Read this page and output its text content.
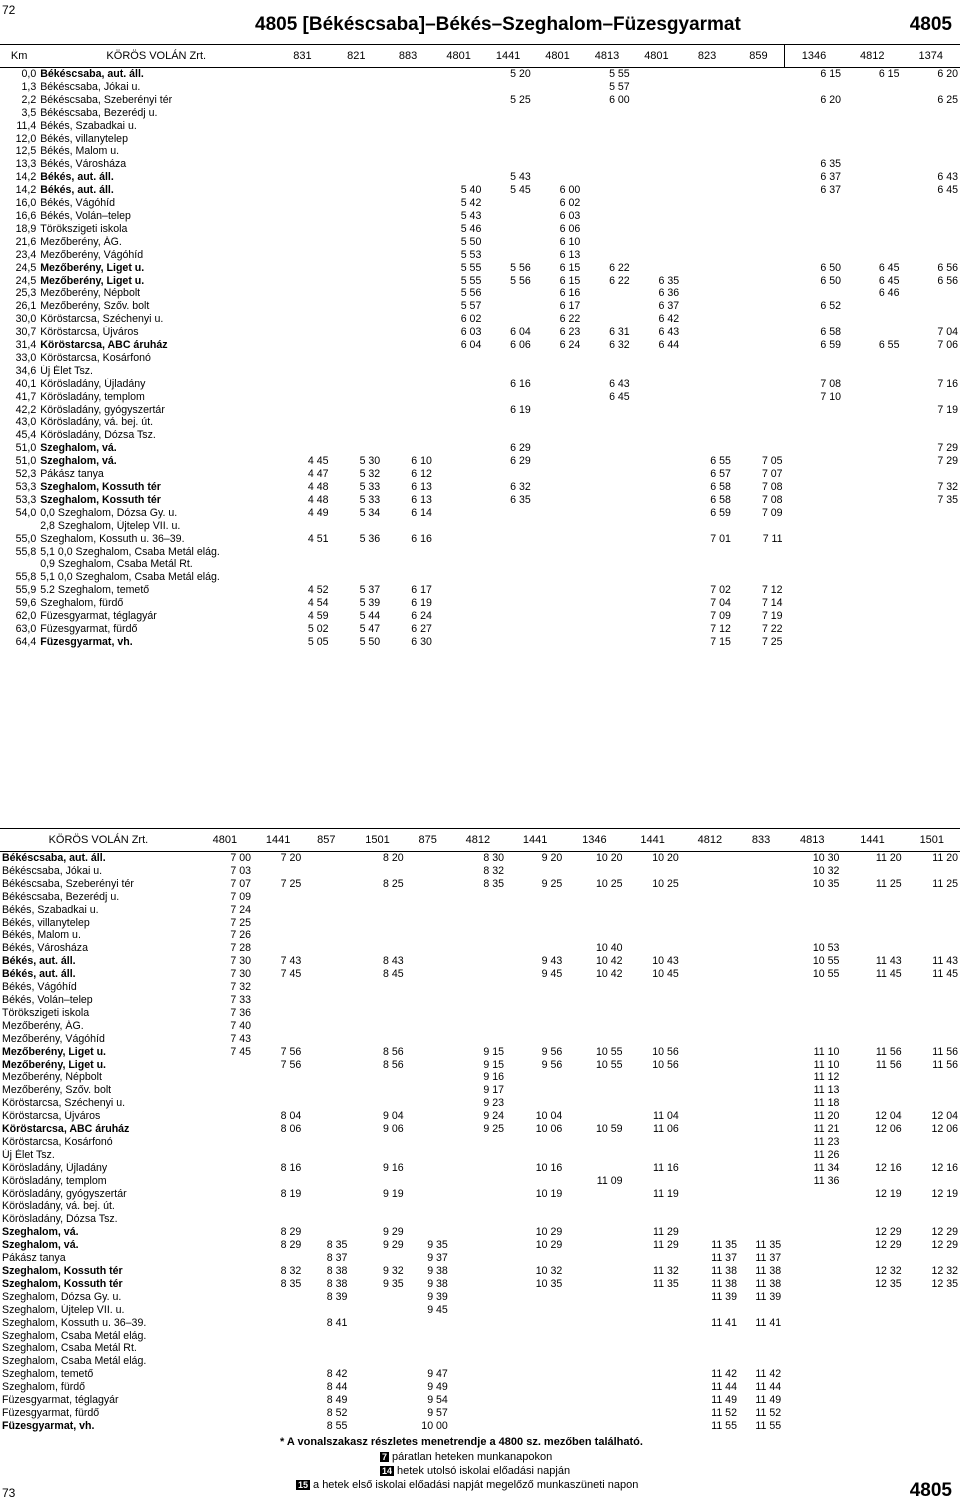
72
4805 [Békéscsaba]–Békés–Szeghalom–Füzesgyarmat	4805
Km	KÖRÖS VOLÁN Zrt.	831	821	883	4801	1441	4801	4813	4801	823	859	1346	4812	1374
0,0	Békéscsaba, aut. áll.					5 20		5 55				6 15	6 15	6 20
1,3	Békéscsaba, Jókai u.							5 57						
2,2	Békéscsaba, Szeberényi tér					5 25		6 00				6 20		6 25
3,5	Békéscsaba, Bezerédj u.													
11,4	Békés, Szabadkai u.													
12,0	Békés, villanytelep													
12,5	Békés, Malom u.													
13,3	Békés, Városháza											6 35		
14,2	Békés, aut. áll.					5 43						6 37		6 43
14,2	Békés, aut. áll.				5 40	5 45	6 00					6 37		6 45
16,0	Békés, Vágóhíd				5 42		6 02							
16,6	Békés, Volán–telep				5 43		6 03							
18,9	Törökszigeti iskola				5 46		6 06							
21,6	Mezőberény, ÁG.				5 50		6 10							
23,4	Mezőberény, Vágóhíd				5 53		6 13							
24,5	Mezőberény, Liget u.				5 55	5 56	6 15	6 22				6 50	6 45	6 56
24,5	Mezőberény, Liget u.				5 55	5 56	6 15	6 22	6 35			6 50	6 45	6 56
25,3	Mezőberény, Népbolt				5 56		6 16		6 36				6 46	
26,1	Mezőberény, Szőv. bolt				5 57		6 17		6 37			6 52		
30,0	Köröstarcsa, Széchenyi u.				6 02		6 22		6 42					
30,7	Köröstarcsa, Újváros				6 03	6 04	6 23	6 31	6 43			6 58		7 04
31,4	Köröstarcsa, ABC áruház				6 04	6 06	6 24	6 32	6 44			6 59	6 55	7 06
33,0	Köröstarcsa, Kosárfonó													
34,6	Új Élet Tsz.													
40,1	Körösladány, Újladány					6 16		6 43				7 08		7 16
41,7	Körösladány, templom							6 45				7 10		
42,2	Körösladány, gyógyszertár					6 19								7 19
43,0	Körösladány, vá. bej. út.													
45,4	Körösladány, Dózsa Tsz.													
51,0	Szeghalom, vá.					6 29								7 29
51,0	Szeghalom, vá.	4 45	5 30	6 10		6 29				6 55	7 05			7 29
52,3	Pákász tanya	4 47	5 32	6 12						6 57	7 07			
53,3	Szeghalom, Kossuth tér	4 48	5 33	6 13		6 32				6 58	7 08			7 32
53,3	Szeghalom, Kossuth tér	4 48	5 33	6 13		6 35				6 58	7 08			7 35
54,0	0,0 Szeghalom, Dózsa Gy. u.	4 49	5 34	6 14						6 59	7 09			
	2,8 Szeghalom, Újtelep VII. u.													
55,0	Szeghalom, Kossuth u. 36–39.	4 51	5 36	6 16						7 01	7 11			
55,8	5,1 0,0 Szeghalom, Csaba Metál elág.													
	0,9 Szeghalom, Csaba Metál Rt.													
55,8	5,1 0,0 Szeghalom, Csaba Metál elág.													
55,9	5.2 Szeghalom, temető	4 52	5 37	6 17						7 02	7 12			
59,6	Szeghalom, fürdő	4 54	5 39	6 19						7 04	7 14			
62,0	Füzesgyarmat, téglagyár	4 59	5 44	6 24						7 09	7 19			
63,0	Füzesgyarmat, fürdő	5 02	5 47	6 27						7 12	7 22			
64,4	Füzesgyarmat, vh.	5 05	5 50	6 30						7 15	7 25			
KÖRÖS VOLÁN Zrt.	4801	1441	857	1501	875	4812	1441	1346	1441	4812	833	4813	1441	1501
Békéscsaba, aut. áll.	7 00	7 20		8 20		8 30	9 20	10 20	10 20			10 30	11 20	11 20
Békéscsaba, Jókai u.	7 03					8 32						10 32		
Békéscsaba, Szeberényi tér	7 07	7 25		8 25		8 35	9 25	10 25	10 25			10 35	11 25	11 25
Békéscsaba, Bezerédj u.	7 09													
Békés, Szabadkai u.	7 24													
Békés, villanytelep	7 25													
Békés, Malom u.	7 26													
Békés, Városháza	7 28							10 40				10 53		
Békés, aut. áll.	7 30	7 43		8 43			9 43	10 42	10 43			10 55	11 43	11 43
Békés, aut. áll.	7 30	7 45		8 45			9 45	10 42	10 45			10 55	11 45	11 45
Békés, Vágóhíd	7 32													
Békés, Volán–telep	7 33													
Törökszigeti iskola	7 36													
Mezőberény, ÁG.	7 40													
Mezőberény, Vágóhíd	7 43													
Mezőberény, Liget u.	7 45	7 56		8 56		9 15	9 56	10 55	10 56			11 10	11 56	11 56
Mezőberény, Liget u.		7 56		8 56		9 15	9 56	10 55	10 56			11 10	11 56	11 56
Mezőberény, Népbolt						9 16						11 12		
Mezőberény, Szőv. bolt						9 17						11 13		
Köröstarcsa, Széchenyi u.						9 23						11 18		
Köröstarcsa, Újváros		8 04		9 04		9 24	10 04		11 04			11 20	12 04	12 04
Köröstarcsa, ABC áruház		8 06		9 06		9 25	10 06	10 59	11 06			11 21	12 06	12 06
Köröstarcsa, Kosárfonó												11 23		
Új Élet Tsz.												11 26		
Körösladány, Újladány		8 16		9 16			10 16		11 16			11 34	12 16	12 16
Körösladány, templom								11 09				11 36		
Körösladány, gyógyszertár		8 19		9 19			10 19		11 19				12 19	12 19
Körösladány, vá. bej. út.														
Körösladány, Dózsa Tsz.														
Szeghalom, vá.		8 29		9 29			10 29		11 29				12 29	12 29
Szeghalom, vá.		8 29	8 35	9 29	9 35		10 29		11 29	11 35	11 35		12 29	12 29
Pákász tanya			8 37		9 37					11 37	11 37			
Szeghalom, Kossuth tér		8 32	8 38	9 32	9 38		10 32		11 32	11 38	11 38		12 32	12 32
Szeghalom, Kossuth tér		8 35	8 38	9 35	9 38		10 35		11 35	11 38	11 38		12 35	12 35
Szeghalom, Dózsa Gy. u.			8 39		9 39					11 39	11 39			
Szeghalom, Újtelep VII. u.					9 45									
Szeghalom, Kossuth u. 36–39.			8 41							11 41	11 41			
Szeghalom, Csaba Metál elág.														
Szeghalom, Csaba Metál Rt.														
Szeghalom, Csaba Metál elág.														
Szeghalom, temető			8 42		9 47					11 42	11 42			
Szeghalom, fürdő			8 44		9 49					11 44	11 44			
Füzesgyarmat, téglagyár			8 49		9 54					11 49	11 49			
Füzesgyarmat, fürdő			8 52		9 57					11 52	11 52			
Füzesgyarmat, vh.			8 55		10 00					11 55	11 55			
* A vonalszakasz részletes menetrendje a 4800 sz. mezőben található.
7 páratlan heteken munkanapokon
14 hetek utolsó iskolai előadási napján
15 a hetek első iskolai előadási napját megelőző munkaszüneti napon
73	4805
